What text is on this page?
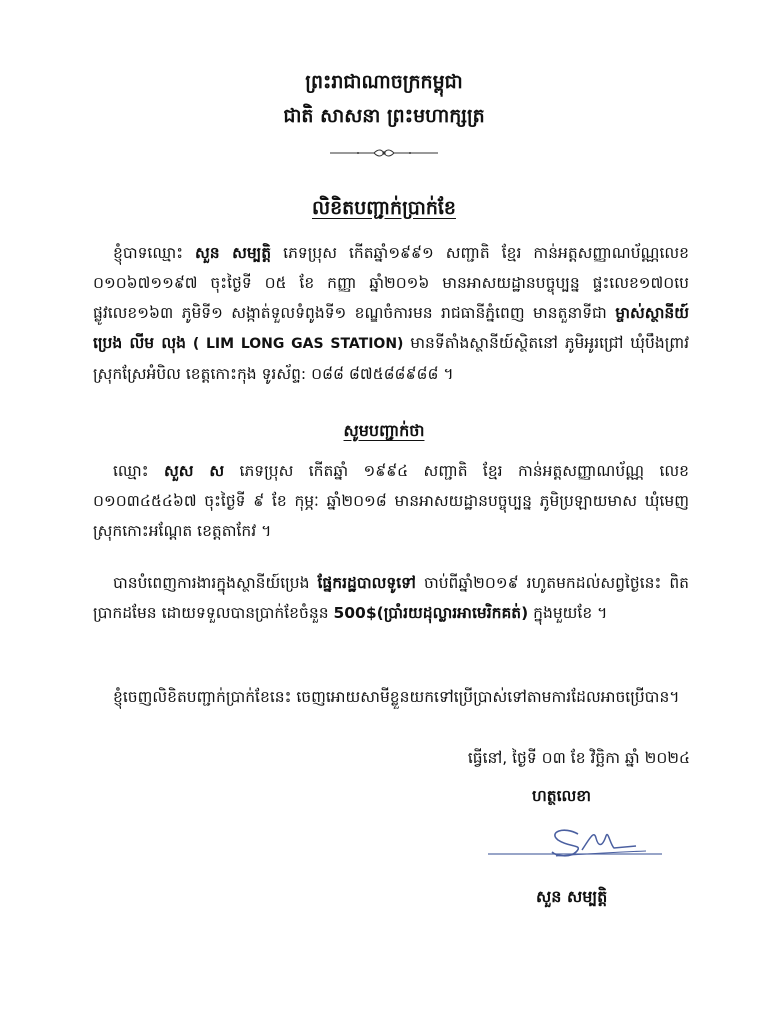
ព្រះរាជាណាចក្រកម្ពុជា
ជាតិ សាសនា ព្រះមហាក្សត្រ
លិខិតបញ្ជាក់ប្រាក់ខែ
ខ្ញុំបាទឈ្មោះ សួន សម្បត្តិ ភេទប្រុស កើតឆ្នាំ១៩៩១ សញ្ជាតិ ខ្មែរ កាន់អត្តសញ្ញាណប័ណ្ណលេខ ០១០៦៧១១៩៧ ចុះថ្ងៃទី ០៥ ខែ កញ្ញា ឆ្នាំ២០១៦ មានអាសយដ្ឋានបច្ចុប្បន្ន ផ្ទះលេខ១៧០បេ ផ្លូវលេខ១៦៣ ភូមិទី១ សង្កាត់ទួលទំពូងទី១ ខណ្ឌចំការមន រាជធានីភ្នំពេញ មានតួនាទីជា ម្ចាស់ស្ថានីយ៍ប្រេង លីម លុង ( LIM LONG GAS STATION) មានទីតាំងស្ថានីយ៍ស្ថិតនៅ ភូមិអូរជ្រៅ ឃុំបឹងព្រាវ ស្រុកស្រែអំបិល ខេត្តកោះកុង ទូរស័ព្ទ: ០៨៨ ៨៧៥៨៨៩៨៨ ។
សូមបញ្ជាក់ថា
ឈ្មោះ សួស ស ភេទប្រុស កើតឆ្នាំ ១៩៩៤ សញ្ជាតិ ខ្មែរ កាន់អត្តសញ្ញាណប័ណ្ណ លេខ ០១០៣៤៥៤៦៧ ចុះថ្ងៃទី ៩ ខែ កុម្ភៈ ឆ្នាំ២០១៨ មានអាសយដ្ឋានបច្ចុប្បន្ន ភូមិប្រឡាយមាស ឃុំមេញ ស្រុកកោះអណ្តែត ខេត្តតាកែវ ។
បានបំពេញការងារក្នុងស្ថានីយ៍ប្រេង ផ្នែករដ្ឋបាលទូទៅ ចាប់ពីឆ្នាំ២០១៩ រហូតមកដល់សព្វថ្ងៃនេះ ពិតប្រាកដមែន ដោយទទួលបានប្រាក់ខែចំនួន 500$(ប្រាំរយដុល្លារអាមេរិកគត់) ក្នុងមួយខែ ។
ខ្ញុំចេញលិខិតបញ្ជាក់ប្រាក់ខែនេះ ចេញអោយសាមីខ្លួនយកទៅប្រើប្រាស់ទៅតាមការដែលអាចប្រើបាន។
ធ្វើនៅ, ថ្ងៃទី ០៣ ខែ វិច្ឆិកា ឆ្នាំ ២០២៤
ហត្ថលេខា
សួន សម្បត្តិ
